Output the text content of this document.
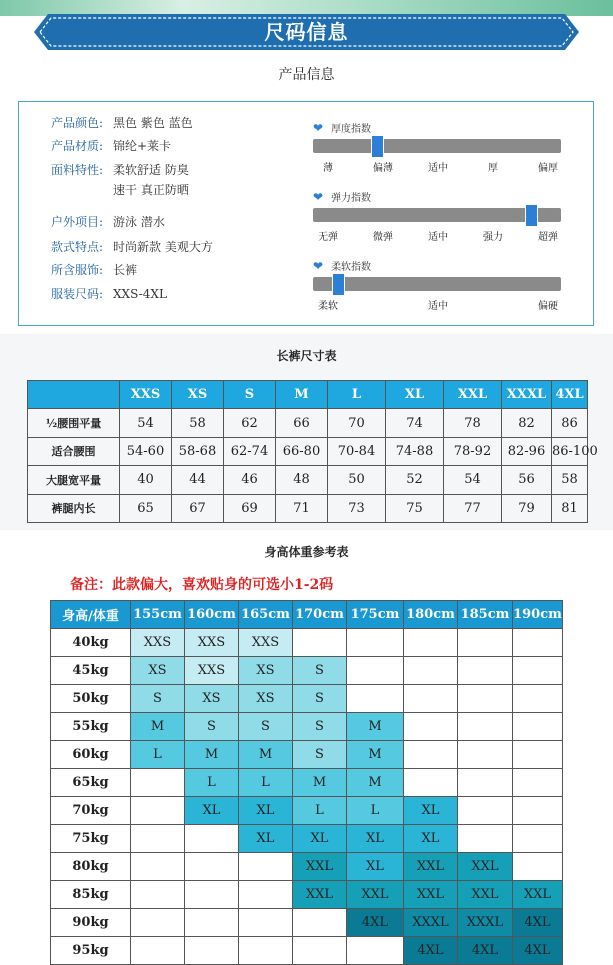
尺码信息
产品信息
产品颜色: 黑色 紫色 蓝色
产品材质: 锦纶+莱卡
面料特性: 柔软舒适 防臭
速干 真正防晒
户外项目: 游泳 潜水
款式特点: 时尚新款 美观大方
所含服饰: 长裤
服装尺码: XXS-4XL
❤ 厚度指数
薄	偏薄	适中	厚	偏厚
❤ 弹力指数
无弹	微弹	适中	强力	超弹
❤ 柔软指数
柔软	适中	偏硬
长裤尺寸表
	XXS	XS	S	M	L	XL	XXL	XXXL	4XL
½腰围平量	54	58	62	66	70	74	78	82	86
适合腰围	54-60	58-68	62-74	66-80	70-84	74-88	78-92	82-96	86-100
大腿宽平量	40	44	46	48	50	52	54	56	58
裤腿内长	65	67	69	71	73	75	77	79	81
身高体重参考表
备注：此款偏大，喜欢贴身的可选小1-2码
身高/体重	155cm	160cm	165cm	170cm	175cm	180cm	185cm	190cm
40kg	XXS	XXS	XXS					
45kg	XS	XXS	XS	S				
50kg	S	XS	XS	S				
55kg	M	S	S	S	M			
60kg	L	M	M	S	M			
65kg		L	L	M	M			
70kg		XL	XL	L	L	XL		
75kg			XL	XL	XL	XL		
80kg				XXL	XL	XXL	XXL	
85kg				XXL	XXL	XXL	XXL	XXL
90kg					4XL	XXXL	XXXL	4XL
95kg						4XL	4XL	4XL
